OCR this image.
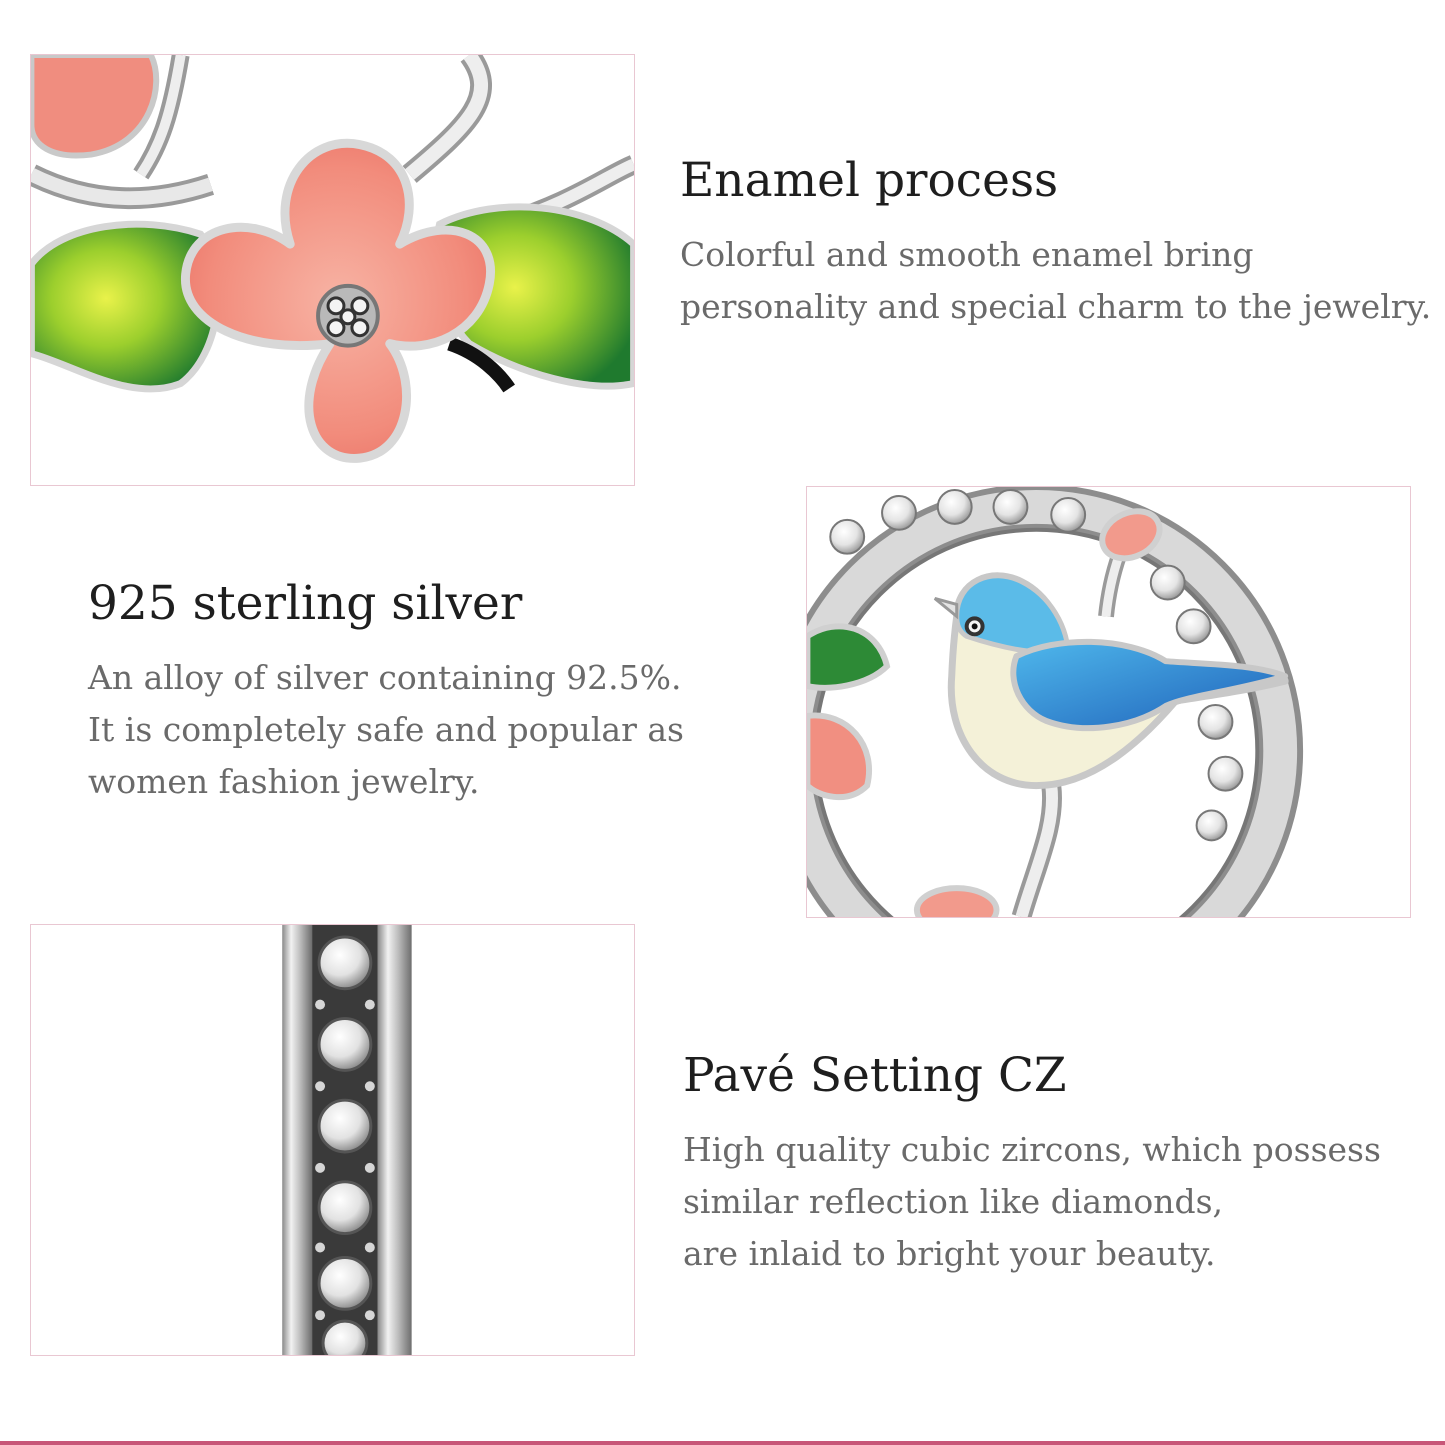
Enamel process

Colorful and smooth enamel bring
personality and special charm to the jewelry.

925 sterling silver

An alloy of silver containing 92.5%.
It is completely safe and popular as
women fashion jewelry.

Pavé Setting CZ

High quality cubic zircons, which possess
similar reflection like diamonds,
are inlaid to bright your beauty.
